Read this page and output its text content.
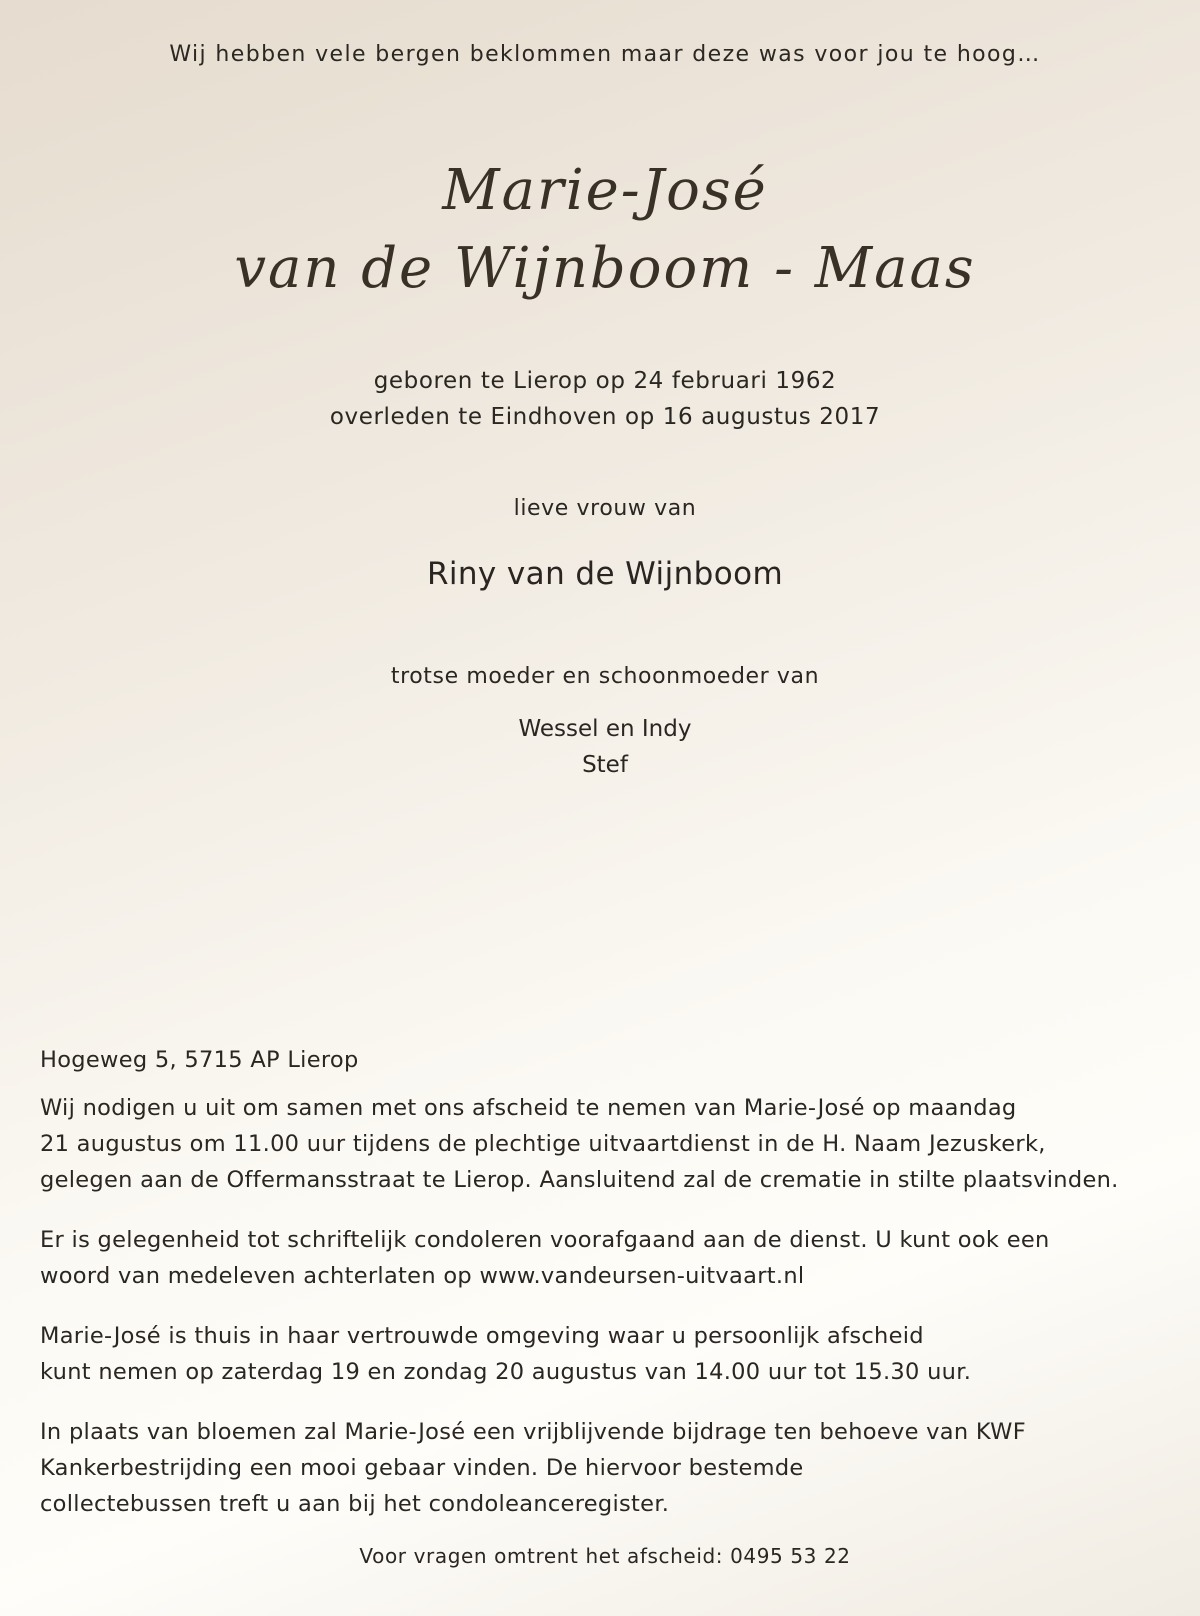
Wij hebben vele bergen beklommen maar deze was voor jou te hoog…
Marie-José
van de Wijnboom - Maas
geboren te Lierop op 24 februari 1962
overleden te Eindhoven op 16 augustus 2017
lieve vrouw van
Riny van de Wijnboom
trotse moeder en schoonmoeder van
Wessel en Indy
Stef
Hogeweg 5, 5715 AP Lierop
Wij nodigen u uit om samen met ons afscheid te nemen van Marie-José op maandag
21 augustus om 11.00 uur tijdens de plechtige uitvaartdienst in de H. Naam Jezuskerk,
gelegen aan de Offermansstraat te Lierop. Aansluitend zal de crematie in stilte plaatsvinden.
Er is gelegenheid tot schriftelijk condoleren voorafgaand aan de dienst. U kunt ook een
woord van medeleven achterlaten op www.vandeursen-uitvaart.nl
Marie-José is thuis in haar vertrouwde omgeving waar u persoonlijk afscheid
kunt nemen op zaterdag 19 en zondag 20 augustus van 14.00 uur tot 15.30 uur.
In plaats van bloemen zal Marie-José een vrijblijvende bijdrage ten behoeve van KWF
Kankerbestrijding een mooi gebaar vinden. De hiervoor bestemde
collectebussen treft u aan bij het condoleanceregister.
Voor vragen omtrent het afscheid: 0495 53 22
